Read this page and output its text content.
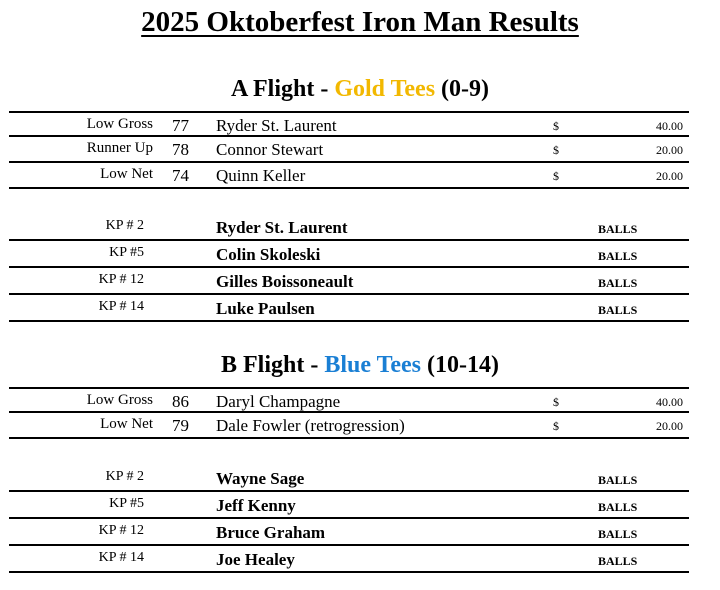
2025 Oktoberfest Iron Man Results
A Flight - Gold Tees (0-9)
Low Gross 77 Ryder St. Laurent	$	40.00
Runner Up 78 Connor Stewart	$	20.00
Low Net 74 Quinn Keller	$	20.00
KP # 2	Ryder St. Laurent	BALLS
KP #5	Colin Skoleski	BALLS
KP # 12	Gilles Boissoneault	BALLS
KP # 14	Luke Paulsen	BALLS
B Flight - Blue Tees (10-14)
Low Gross 86 Daryl Champagne	$	40.00
Low Net 79 Dale Fowler (retrogression)	$	20.00
KP # 2	Wayne Sage	BALLS
KP #5	Jeff Kenny	BALLS
KP # 12	Bruce Graham	BALLS
KP # 14	Joe Healey	BALLS
